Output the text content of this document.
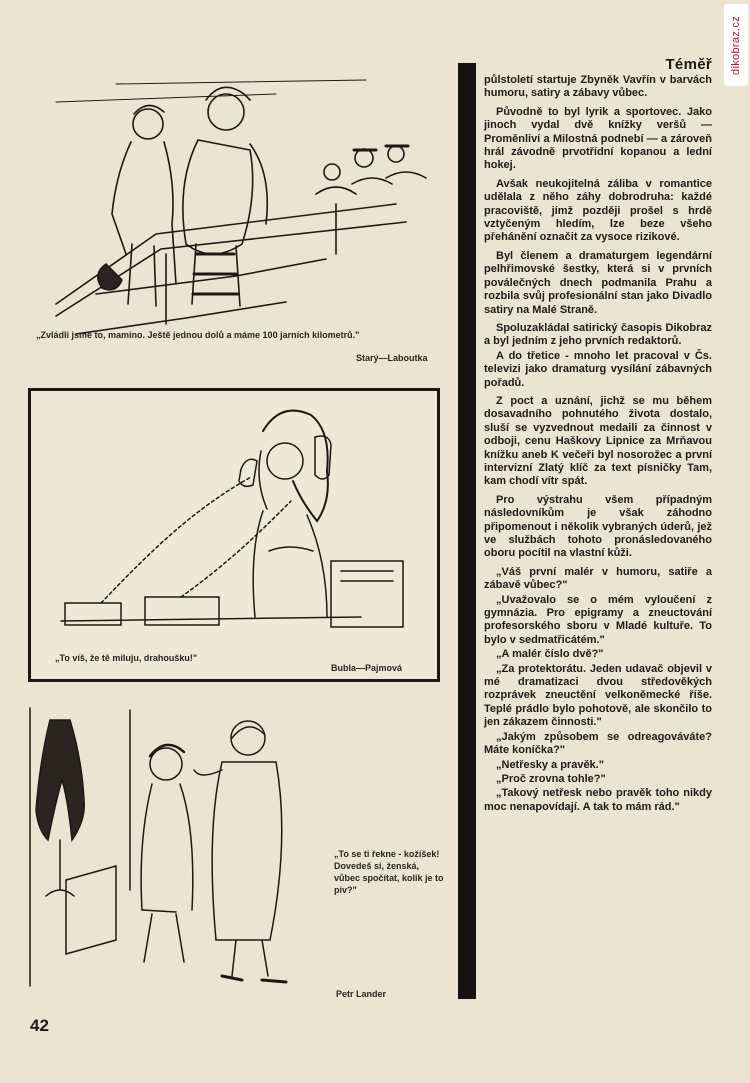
dikobraz.cz
„Zvládli jsme to, mamino. Ještě jednou dolů a máme 100 jarních kilometrů."
Starý—Laboutka
„To víš, že tě miluju, drahoušku!"
Bubla—Pajmová
„To se ti řekne - kožíšek! Dovedeš si, ženská, vůbec spočítat, kolik je to piv?"
Petr Lander
Téměř

půlstoletí startuje Zbyněk Vavřín v barvách humoru, satiry a zábavy vůbec.

Původně to byl lyrik a sportovec. Jako jinoch vydal dvě knížky veršů — Proměnliví a Milostná podnebí — a zároveň hrál závodně prvotřídní kopanou a lední hokej.

Avšak neukojitelná záliba v romantice udělala z něho záhy dobrodruha: každé pracoviště, jímž později prošel s hrdě vztyčeným hledím, lze beze všeho přehánění označit za vysoce rizikové.

Byl členem a dramaturgem legendární pelhřimovské šestky, která si v prvních poválečných dnech podmanila Prahu a rozbila svůj profesionální stan jako Divadlo satiry na Malé Straně.

Spoluzakládal satirický časopis Dikobraz a byl jedním z jeho prvních redaktorů.

A do třetice - mnoho let pracoval v Čs. televizi jako dramaturg vysílání zábavných pořadů.

Z poct a uznání, jichž se mu během dosavadního pohnutého života dostalo, sluší se vyzvednout medaili za činnost v odboji, cenu Haškovy Lipnice za Mrňavou knížku aneb K večeři byl nosorožec a první intervizní Zlatý klíč za text písničky Tam, kam chodí vítr spát.

Pro výstrahu všem případným následovníkům je však záhodno připomenout i několik vybraných úderů, jež ve službách tohoto pronásledovaného oboru pocítil na vlastní kůži.

„Váš první malér v humoru, satiře a zábavě vůbec?"

„Uvažovalo se o mém vyloučení z gymnázia. Pro epigramy a zneuctování profesorského sboru v Mladé kultuře. To bylo v sedmatřicátém."

„A malér číslo dvě?"

„Za protektorátu. Jeden udavač objevil v mé dramatizaci dvou středověkých rozprávek zneuctění velkoněmecké říše. Teplé prádlo bylo pohotově, ale skončilo to jen zákazem činnosti."

„Jakým způsobem se odreagováváte? Máte koníčka?"

„Netřesky a pravěk."

„Proč zrovna tohle?"

„Takový netřesk nebo pravěk toho nikdy moc nenapovídají. A tak to mám rád."

42
